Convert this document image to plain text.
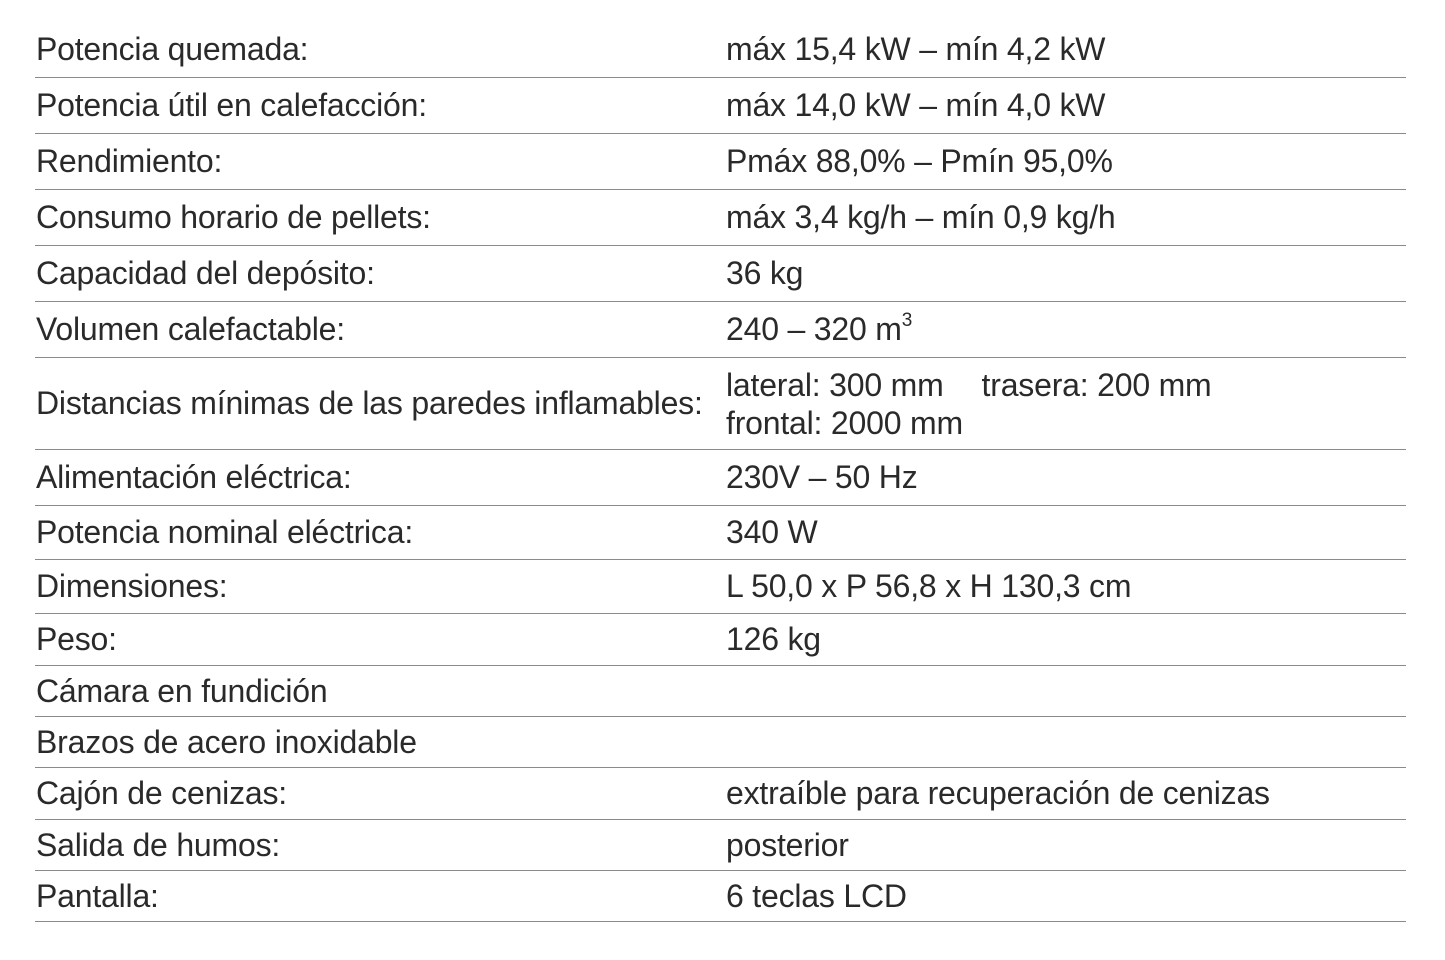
Potencia quemada:	máx 15,4 kW – mín 4,2 kW
Potencia útil en calefacción:	máx 14,0 kW – mín 4,0 kW
Rendimiento:	Pmáx 88,0% – Pmín 95,0%
Consumo horario de pellets:	máx 3,4 kg/h – mín 0,9 kg/h
Capacidad del depósito:	36 kg
Volumen calefactable:	240 – 320 $m^3$
Distancias mínimas de las paredes inflamables:
lateral: 300 mm trasera: 200 mm
frontal: 2000 mm
Alimentación eléctrica:	230V – 50 Hz
Potencia nominal eléctrica:	340 W
Dimensiones:	L 50,0 x P 56,8 x H 130,3 cm
Peso:	126 kg
Cámara en fundición
Brazos de acero inoxidable
Cajón de cenizas:	extraíble para recuperación de cenizas
Salida de humos:	posterior
Pantalla:	6 teclas LCD
